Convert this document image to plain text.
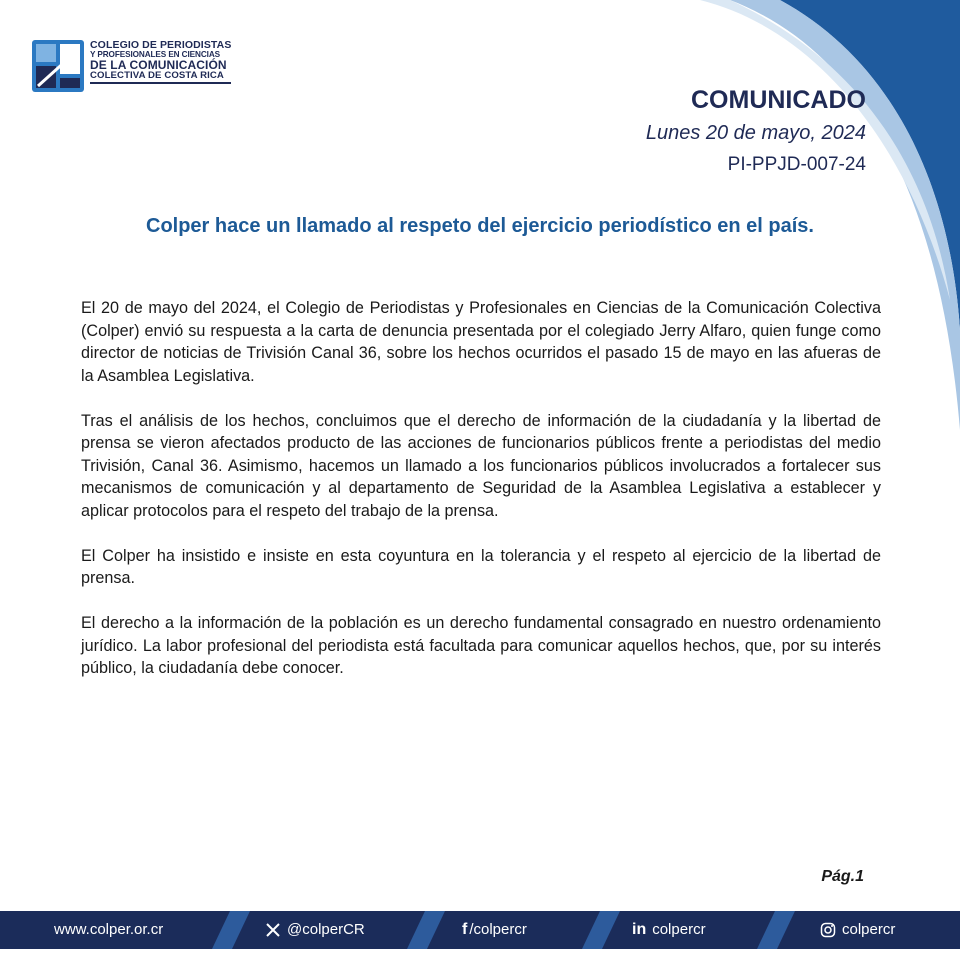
COLEGIO DE PERIODISTAS
Y PROFESIONALES EN CIENCIAS
DE LA COMUNICACIÓN
COLECTIVA DE COSTA RICA
COMUNICADO
Lunes 20 de mayo, 2024
PI-PPJD-007-24
Colper hace un llamado al respeto del ejercicio periodístico en el país.

El 20 de mayo del 2024, el Colegio de Periodistas y Profesionales en Ciencias de la Comunicación Colectiva (Colper) envió su respuesta a la carta de denuncia presentada por el colegiado Jerry Alfaro, quien funge como director de noticias de Trivisión Canal 36, sobre los hechos ocurridos el pasado 15 de mayo en las afueras de la Asamblea Legislativa.

Tras el análisis de los hechos, concluimos que el derecho de información de la ciudadanía y la libertad de prensa se vieron afectados producto de las acciones de funcionarios públicos frente a periodistas del medio Trivisión, Canal 36. Asimismo, hacemos un llamado a los funcionarios públicos involucrados a fortalecer sus mecanismos de comunicación y al departamento de Seguridad de la Asamblea Legislativa a establecer y aplicar protocolos para el respeto del trabajo de la prensa.

El Colper ha insistido e insiste en esta coyuntura en la tolerancia y el respeto al ejercicio de la libertad de prensa.

El derecho a la información de la población es un derecho fundamental consagrado en nuestro ordenamiento jurídico. La labor profesional del periodista está facultada para comunicar aquellos hechos, que, por su interés público, la ciudadanía debe conocer.

Pág.1
www.colper.or.cr	@colperCR	f /colpercr	in colpercr	colpercr
